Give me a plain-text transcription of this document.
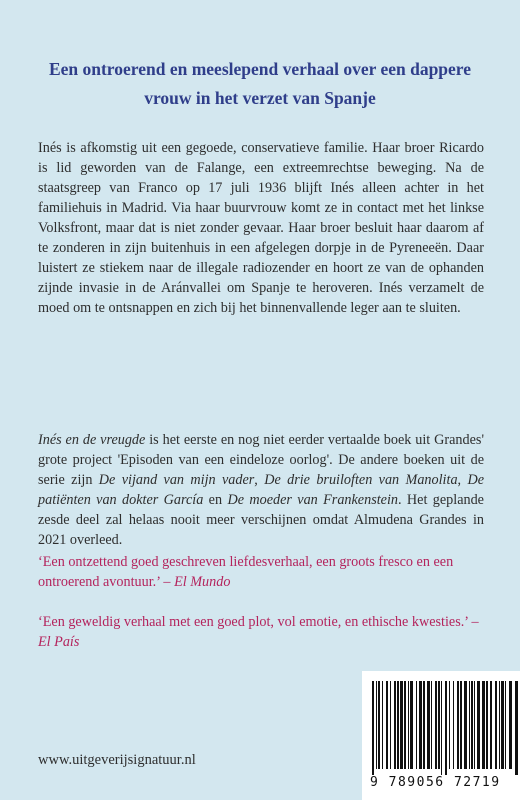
Een ontroerend en meeslepend verhaal over een dappere vrouw in het verzet van Spanje

Inés is afkomstig uit een gegoede, conservatieve familie. Haar broer Ricardo is lid geworden van de Falange, een extreemrechtse beweging. Na de staatsgreep van Franco op 17 juli 1936 blijft Inés alleen achter in het familiehuis in Madrid. Via haar buurvrouw komt ze in contact met het linkse Volksfront, maar dat is niet zonder gevaar. Haar broer besluit haar daarom af te zonderen in zijn buitenhuis in een afgelegen dorpje in de Pyreneeën. Daar luistert ze stiekem naar de illegale radiozender en hoort ze van de ophanden zijnde invasie in de Aránvallei om Spanje te heroveren. Inés verzamelt de moed om te ontsnappen en zich bij het binnenvallende leger aan te sluiten.

Inés en de vreugde is het eerste en nog niet eerder vertaalde boek uit Grandes' grote project 'Episoden van een eindeloze oorlog'. De andere boeken uit de serie zijn De vijand van mijn vader, De drie bruiloften van Manolita, De patiënten van dokter García en De moeder van Frankenstein. Het geplande zesde deel zal helaas nooit meer verschijnen omdat Almudena Grandes in 2021 overleed.

‘Een ontzettend goed geschreven liefdesverhaal, een groots fresco en een ontroerend avontuur.’ – El Mundo

‘Een geweldig verhaal met een goed plot, vol emotie, en ethische kwesties.’ – El País

www.uitgeverijsignatuur.nl
9 789056 72719
